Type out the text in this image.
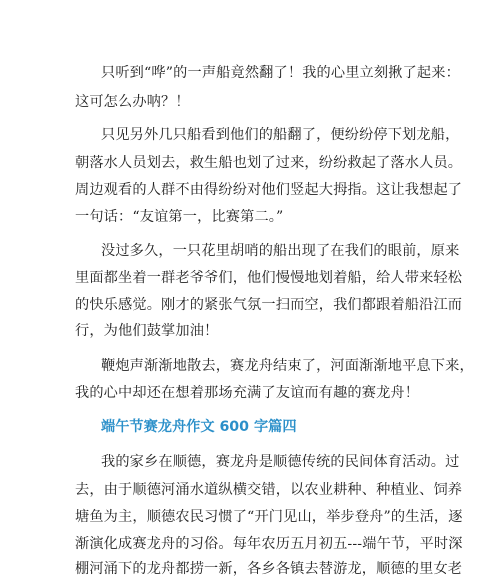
只听到“哗”的一声船竟然翻了！我的心里立刻揪了起来：
这可怎么办呐？！
只见另外几只船看到他们的船翻了，便纷纷停下划龙船，
朝落水人员划去，救生船也划了过来，纷纷救起了落水人员。
周边观看的人群不由得纷纷对他们竖起大拇指。这让我想起了
一句话：“友谊第一，比赛第二。”
没过多久，一只花里胡哨的船出现了在我们的眼前，原来
里面都坐着一群老爷爷们，他们慢慢地划着船，给人带来轻松
的快乐感觉。刚才的紧张气氛一扫而空，我们都跟着船沿江而
行，为他们鼓掌加油！
鞭炮声渐渐地散去，赛龙舟结束了，河面渐渐地平息下来，
我的心中却还在想着那场充满了友谊而有趣的赛龙舟！
端午节赛龙舟作文 600 字篇四
我的家乡在顺德，赛龙舟是顺德传统的民间体育活动。过
去，由于顺德河涌水道纵横交错，以农业耕种、种植业、饲养
塘鱼为主，顺德农民习惯了“开门见山，举步登舟”的生活，逐
渐演化成赛龙舟的习俗。每年农历五月初五---端午节，平时深
棚河涌下的龙舟都捞一新，各乡各镇去替游龙，顺德的里女老
